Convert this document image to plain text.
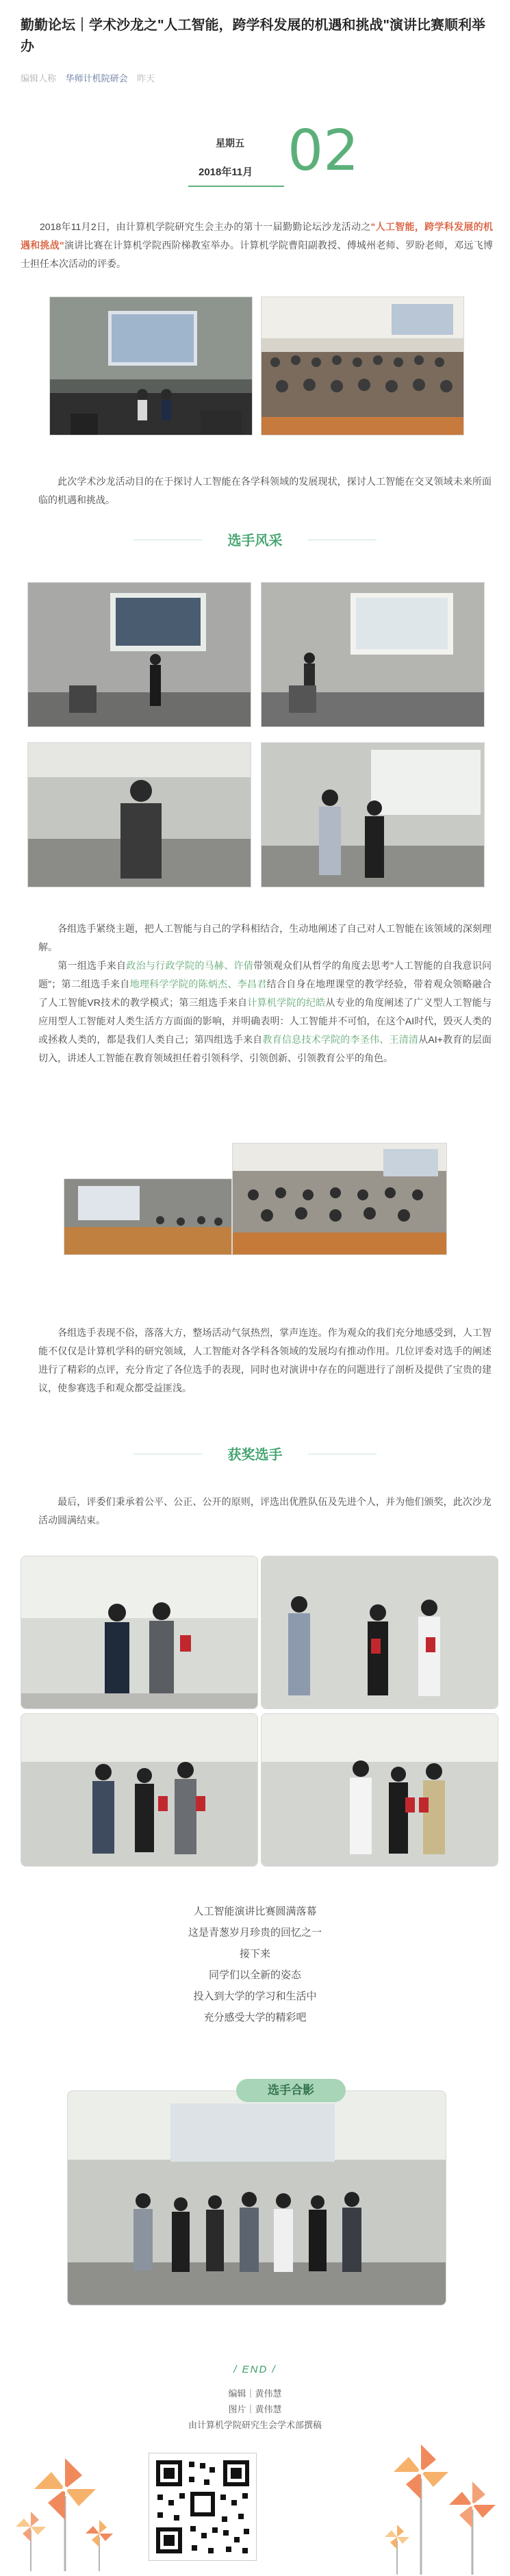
勤勤论坛｜学术沙龙之"人工智能，跨学科发展的机遇和挑战"演讲比赛顺利举办
编辑人称 华师计机院研会 昨天
星期五
2018年11月 02
2018年11月2日，由计算机学院研究生会主办的第十一届勤勤论坛沙龙活动之"人工智能，跨学科发展的机遇和挑战"演讲比赛在计算机学院西阶梯教室举办。计算机学院曹阳副教授、傅城州老师、罗盼老师，邓远飞博士担任本次活动的评委。
此次学术沙龙活动目的在于探讨人工智能在各学科领域的发展现状，探讨人工智能在交叉领域未来所面临的机遇和挑战。
选手风采
各组选手紧绕主题，把人工智能与自己的学科相结合，生动地阐述了自己对人工智能在该领域的深刻理解。
第一组选手来自政治与行政学院的马赫、许倩带领观众们从哲学的角度去思考"人工智能的自我意识问题"；第二组选手来自地理科学学院的陈炳杰、李昌君结合自身在地理课堂的教学经验，带着观众领略融合了人工智能VR技术的教学模式；第三组选手来自计算机学院的纪皓从专业的角度阐述了广义型人工智能与应用型人工智能对人类生活方方面面的影响，并明确表明：人工智能并不可怕，在这个AI时代，毁灭人类的或拯救人类的，都是我们人类自己；第四组选手来自教育信息技术学院的李圣伟、王清清从AI+教育的层面切入，讲述人工智能在教育领域担任着引领科学、引领创新、引领教育公平的角色。
各组选手表现不俗，落落大方，整场活动气氛热烈，掌声连连。作为观众的我们充分地感受到，人工智能不仅仅是计算机学科的研究领域，人工智能对各学科各领域的发展均有推动作用。几位评委对选手的阐述进行了精彩的点评，充分肯定了各位选手的表现，同时也对演讲中存在的问题进行了剖析及提供了宝贵的建议，使参赛选手和观众都受益匪浅。
获奖选手
最后，评委们秉承着公平、公正、公开的原则，评选出优胜队伍及先进个人，并为他们颁奖，此次沙龙活动圆满结束。
人工智能演讲比赛圆满落幕
这是青葱岁月珍贵的回忆之一
接下来
同学们以全新的姿态
投入到大学的学习和生活中
充分感受大学的精彩吧
选手合影
/ END /
编辑｜黄伟慧
图片｜黄伟慧
由计算机学院研究生会学术部撰稿
